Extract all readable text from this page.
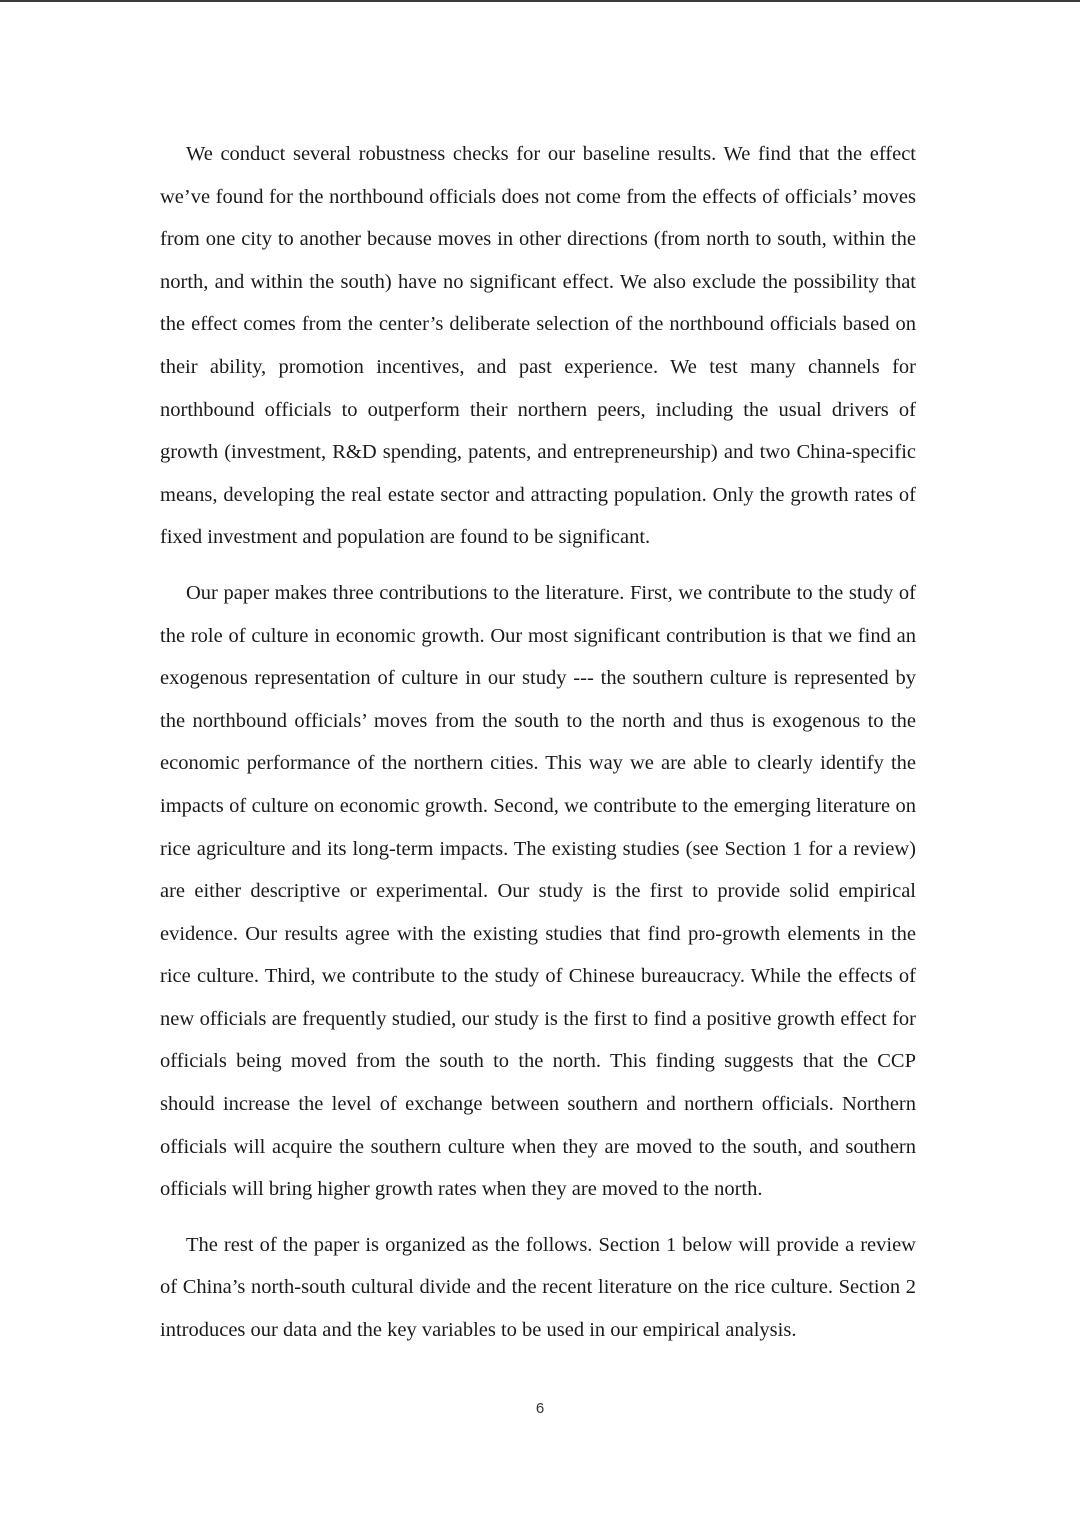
We conduct several robustness checks for our baseline results. We find that the effect we’ve found for the northbound officials does not come from the effects of officials’ moves from one city to another because moves in other directions (from north to south, within the north, and within the south) have no significant effect. We also exclude the possibility that the effect comes from the center’s deliberate selection of the northbound officials based on their ability, promotion incentives, and past experience. We test many channels for northbound officials to outperform their northern peers, including the usual drivers of growth (investment, R&D spending, patents, and entrepreneurship) and two China-specific means, developing the real estate sector and attracting population. Only the growth rates of fixed investment and population are found to be significant.

Our paper makes three contributions to the literature. First, we contribute to the study of the role of culture in economic growth. Our most significant contribution is that we find an exogenous representation of culture in our study --- the southern culture is represented by the northbound officials’ moves from the south to the north and thus is exogenous to the economic performance of the northern cities. This way we are able to clearly identify the impacts of culture on economic growth. Second, we contribute to the emerging literature on rice agriculture and its long-term impacts. The existing studies (see Section 1 for a review) are either descriptive or experimental. Our study is the first to provide solid empirical evidence. Our results agree with the existing studies that find pro-growth elements in the rice culture. Third, we contribute to the study of Chinese bureaucracy. While the effects of new officials are frequently studied, our study is the first to find a positive growth effect for officials being moved from the south to the north. This finding suggests that the CCP should increase the level of exchange between southern and northern officials. Northern officials will acquire the southern culture when they are moved to the south, and southern officials will bring higher growth rates when they are moved to the north.

The rest of the paper is organized as the follows. Section 1 below will provide a review of China’s north-south cultural divide and the recent literature on the rice culture. Section 2 introduces our data and the key variables to be used in our empirical analysis.

6
